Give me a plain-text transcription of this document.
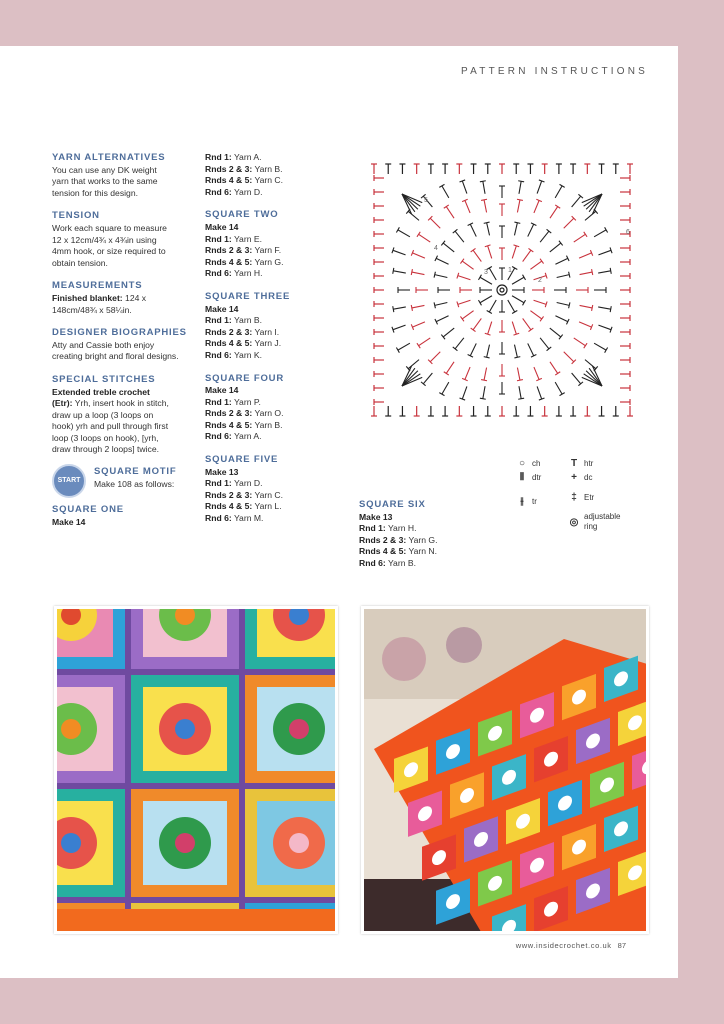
PATTERN INSTRUCTIONS
YARN ALTERNATIVES
You can use any DK weight
yarn that works to the same
tension for this design.
TENSION
Work each square to measure
12 x 12cm/4¾ x 4¾in using
4mm hook, or size required to
obtain tension.
MEASUREMENTS
Finished blanket: 124 x
148cm/48¾ x 58¼in.
DESIGNER BIOGRAPHIES
Atty and Cassie both enjoy
creating bright and floral designs.
SPECIAL STITCHES
Extended treble crochet
(Etr): Yrh, insert hook in stitch,
draw up a loop (3 loops on
hook) yrh and pull through first
loop (3 loops on hook), [yrh,
draw through 2 loops] twice.
START
SQUARE MOTIF
Make 108 as follows:
SQUARE ONE
Make 14
Rnd 1: Yarn A.
Rnds 2 & 3: Yarn B.
Rnds 4 & 5: Yarn C.
Rnd 6: Yarn D.
SQUARE TWO
Make 14
Rnd 1: Yarn E.
Rnds 2 & 3: Yarn F.
Rnds 4 & 5: Yarn G.
Rnd 6: Yarn H.
SQUARE THREE
Make 14
Rnd 1: Yarn B.
Rnds 2 & 3: Yarn I.
Rnds 4 & 5: Yarn J.
Rnd 6: Yarn K.
SQUARE FOUR
Make 14
Rnd 1: Yarn P.
Rnds 2 & 3: Yarn O.
Rnds 4 & 5: Yarn B.
Rnd 6: Yarn A.
SQUARE FIVE
Make 13
Rnd 1: Yarn D.
Rnds 2 & 3: Yarn C.
Rnds 4 & 5: Yarn L.
Rnd 6: Yarn M.
SQUARE SIX
Make 13
Rnd 1: Yarn H.
Rnds 2 & 3: Yarn G.
Rnds 4 & 5: Yarn N.
Rnd 6: Yarn B.
1
2
3
4
5
6
○ ch
⫴ dtr
⫲	tr
T htr
+ dc
‡ Etr
◎ adjustable
ring
www.insidecrochet.co.uk 87
